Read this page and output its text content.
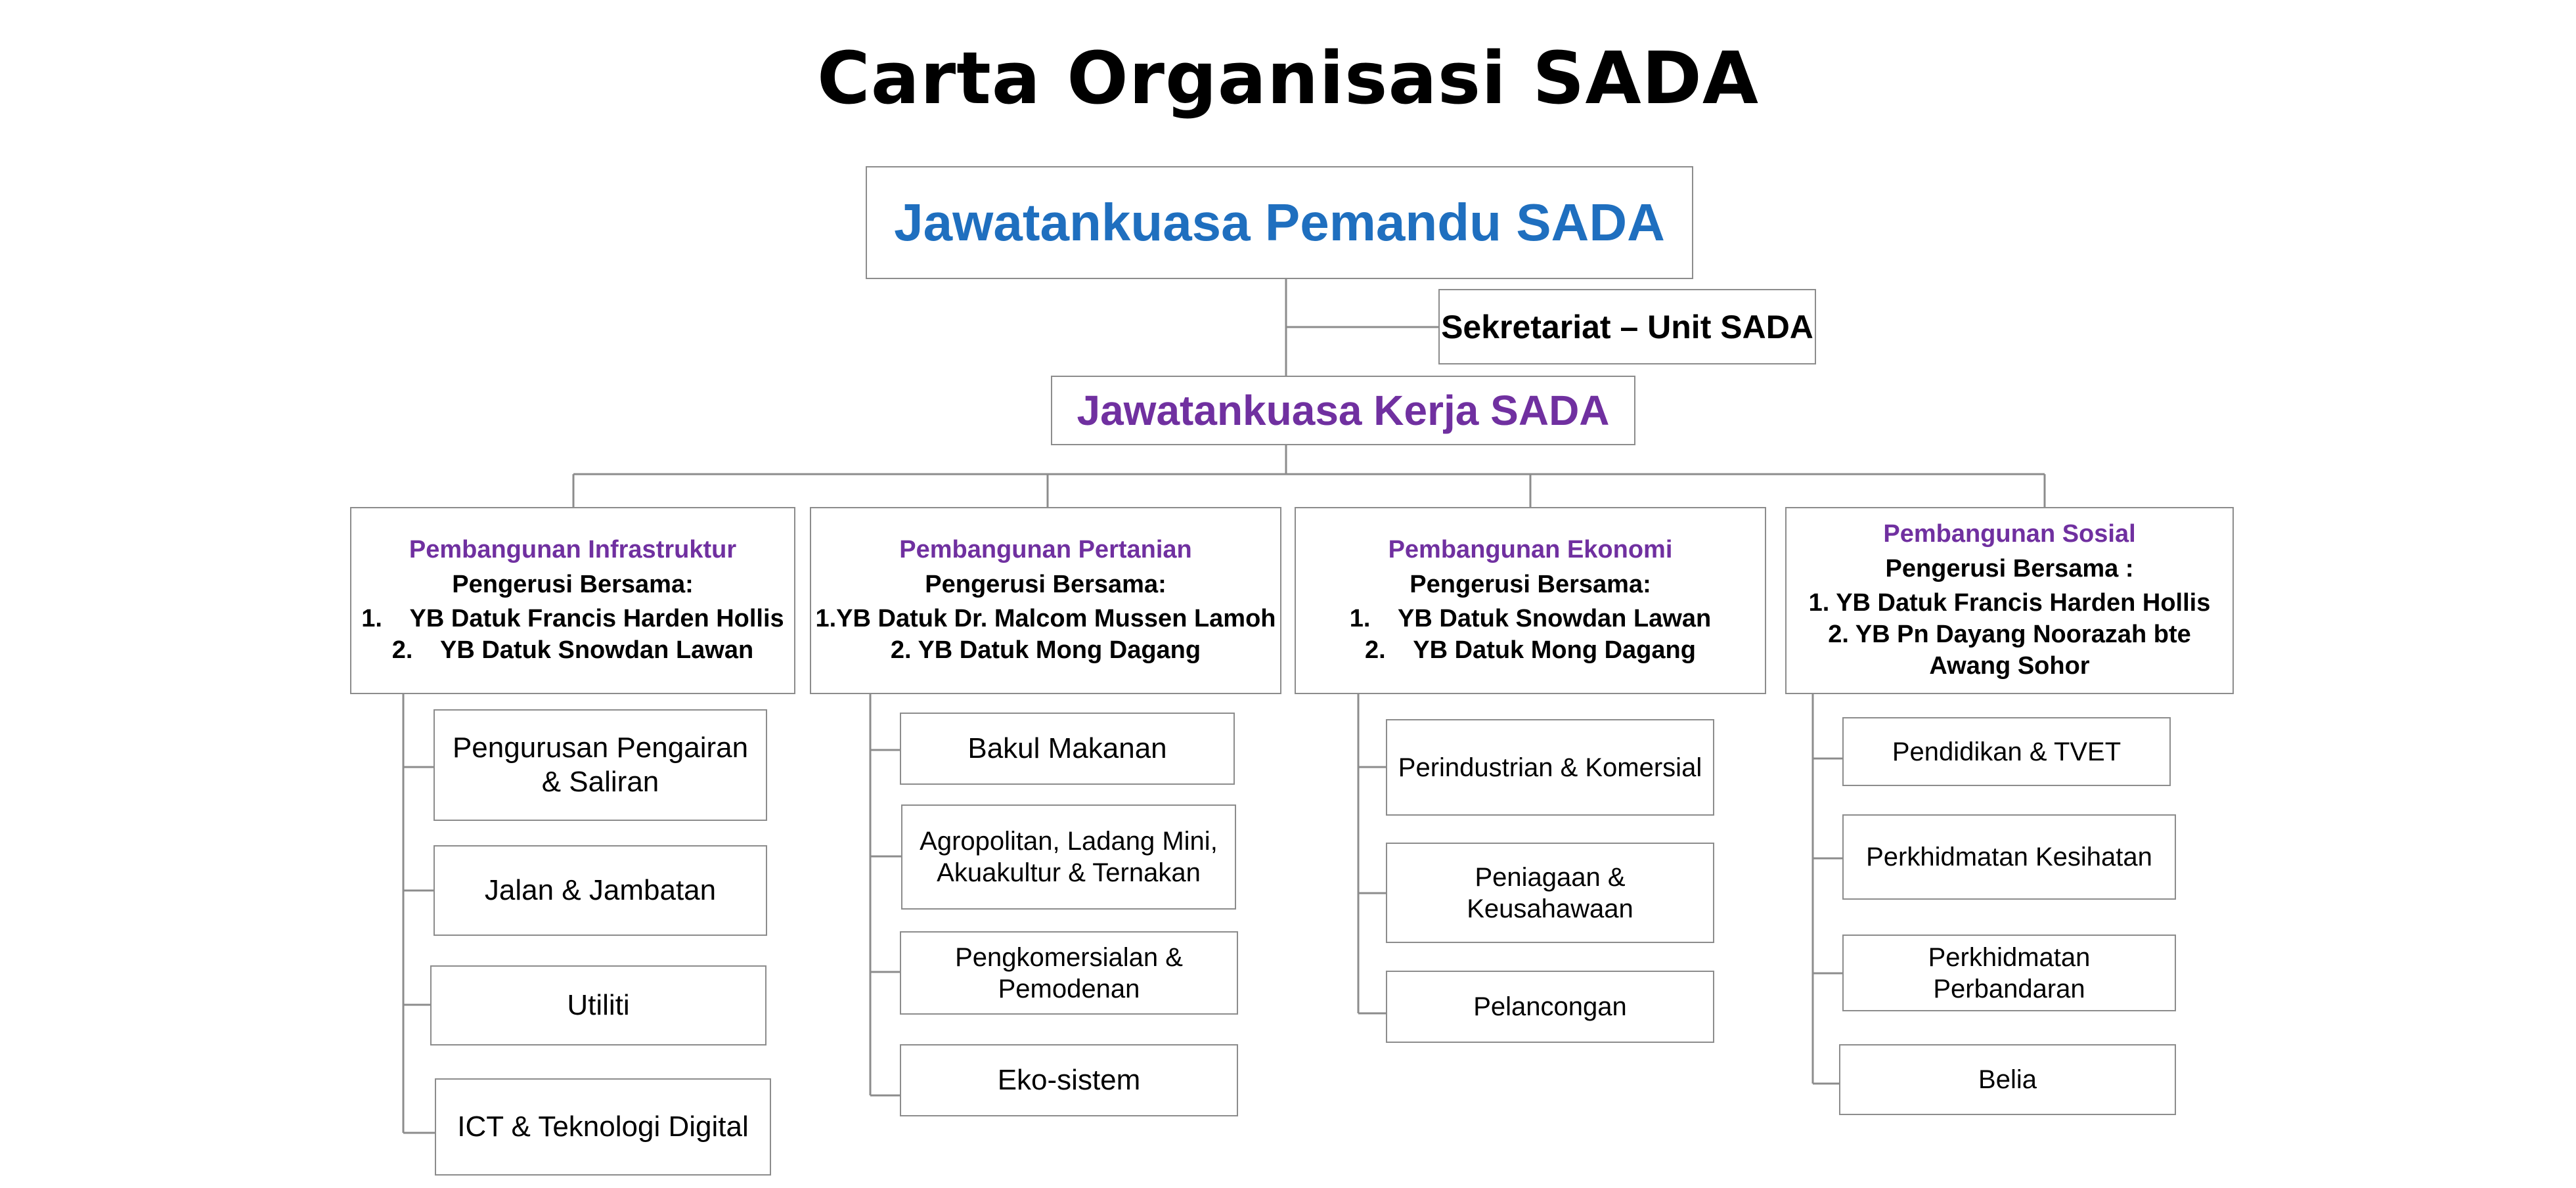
Carta Organisasi SADA
Jawatankuasa Pemandu SADA
Sekretariat – Unit SADA
Jawatankuasa Kerja SADA
Pembangunan Infrastruktur
Pengerusi Bersama:
1.    YB Datuk Francis Harden Hollis
2.    YB Datuk Snowdan Lawan
Pengurusan Pengairan & Saliran
Jalan & Jambatan
Utiliti
ICT & Teknologi Digital
Pembangunan Pertanian
Pengerusi Bersama:
1.YB Datuk Dr. Malcom Mussen Lamoh
2. YB Datuk Mong Dagang
Bakul Makanan
Agropolitan, Ladang Mini, Akuakultur & Ternakan
Pengkomersialan & Pemodenan
Eko-sistem
Pembangunan Ekonomi
Pengerusi Bersama:
1.    YB Datuk Snowdan Lawan
2.    YB Datuk Mong Dagang
Perindustrian & Komersial
Peniagaan & Keusahawaan
Pelancongan
Pembangunan Sosial
Pengerusi Bersama :
1. YB Datuk Francis Harden Hollis
2. YB Pn Dayang Noorazah bte Awang Sohor
Pendidikan & TVET
Perkhidmatan Kesihatan
Perkhidmatan Perbandaran
Belia
